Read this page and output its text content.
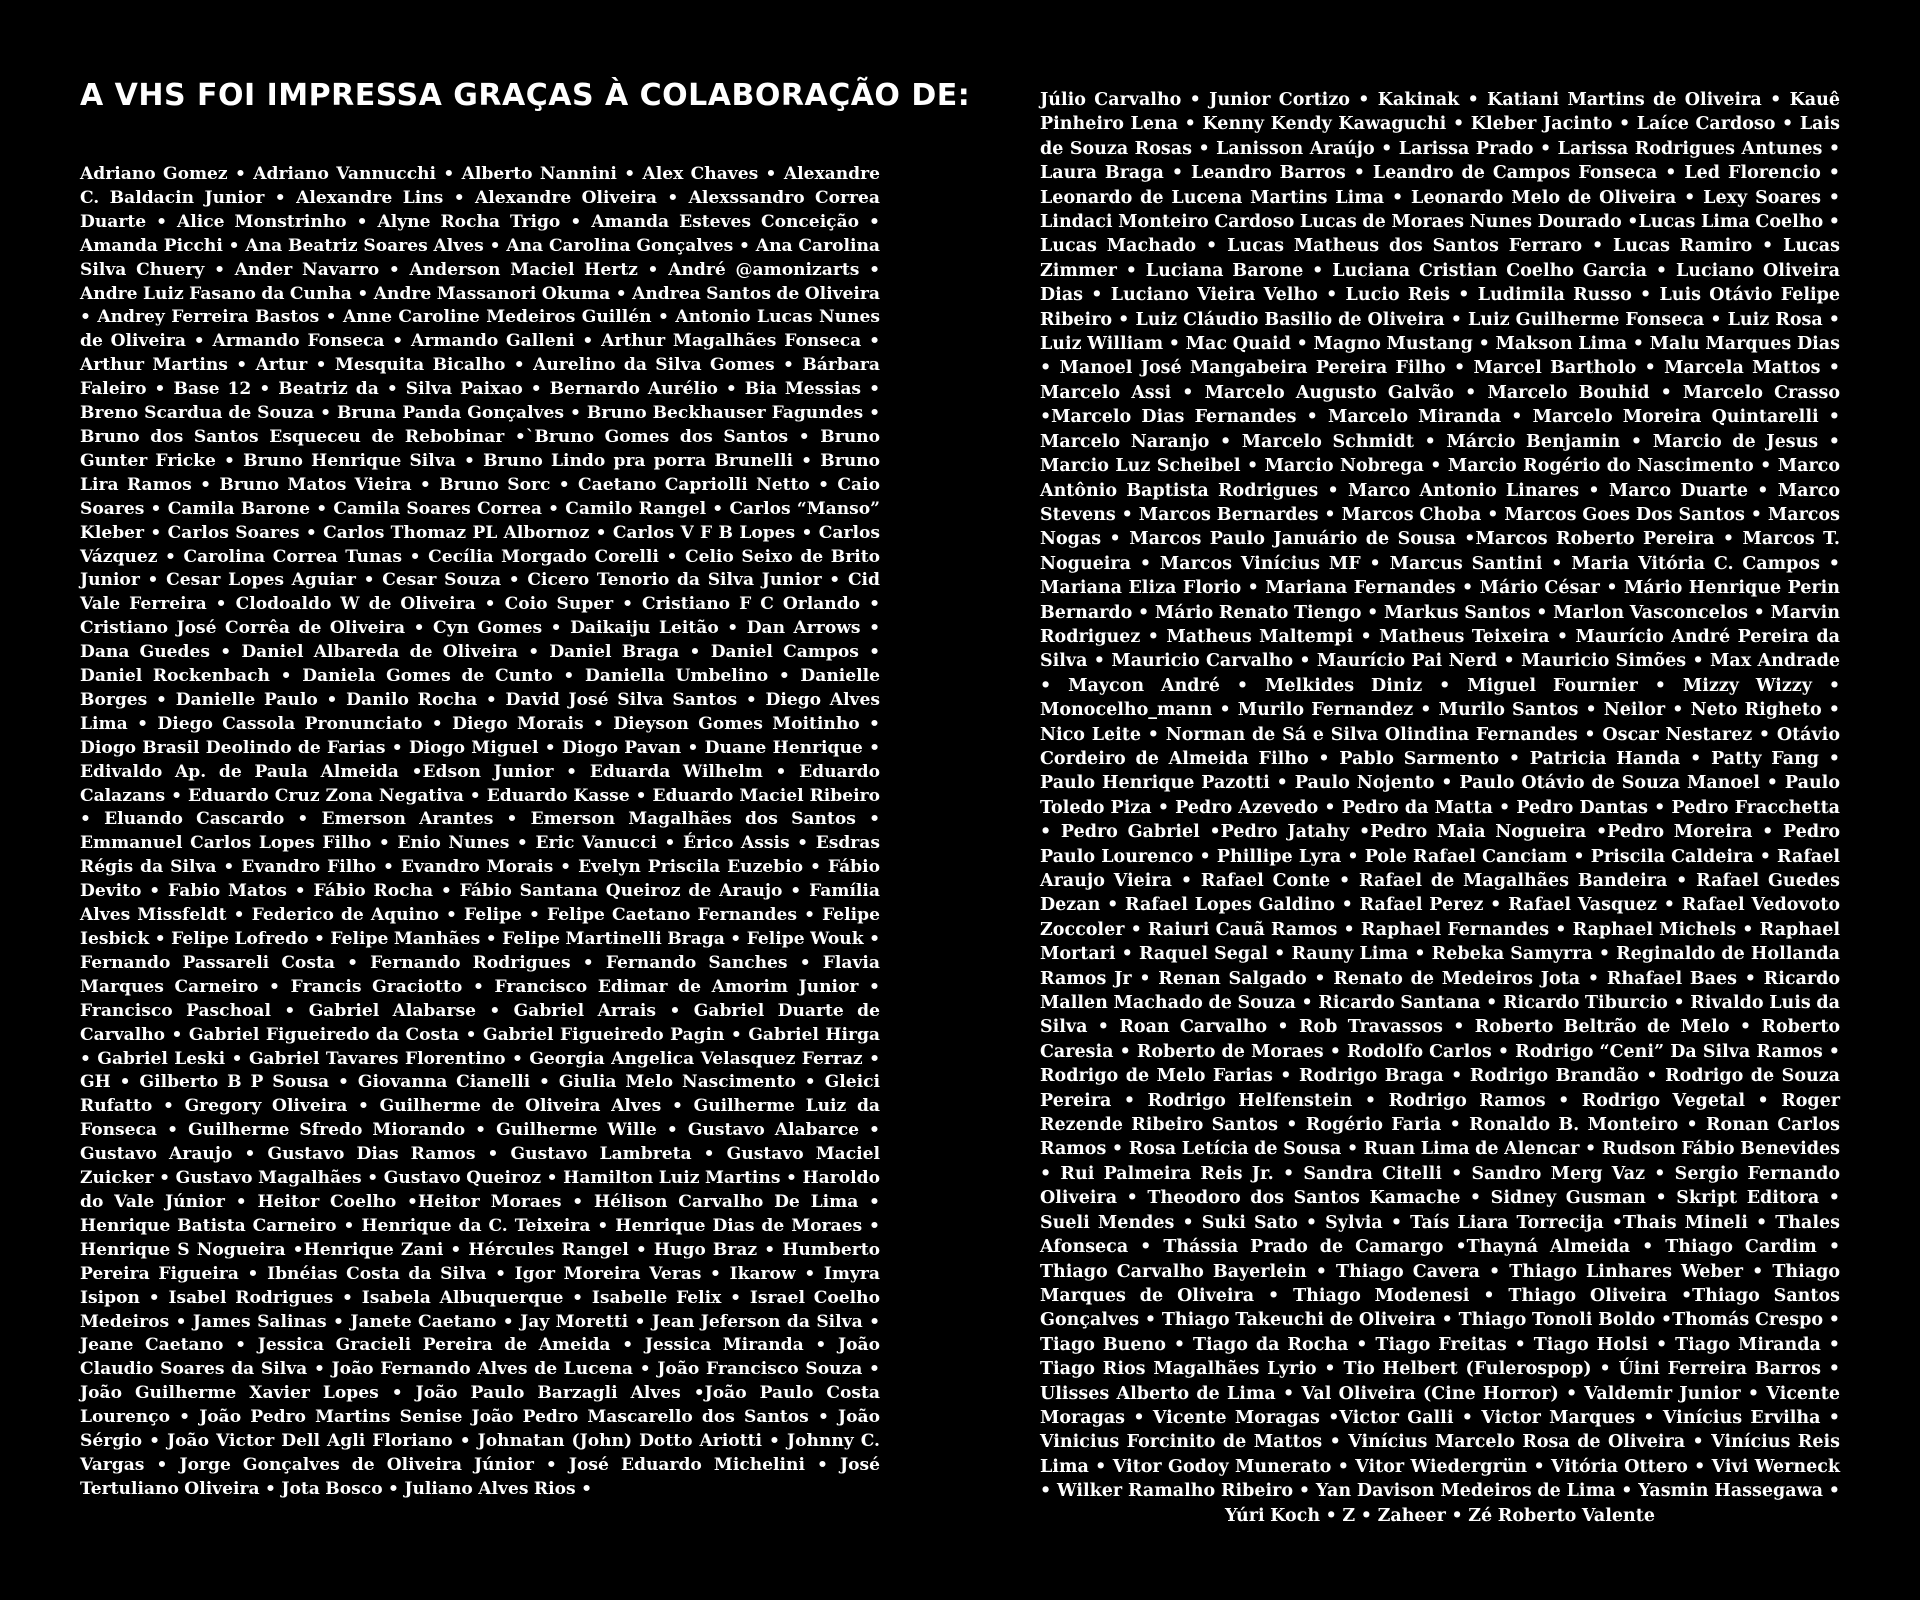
A VHS FOI IMPRESSA GRAÇAS À COLABORAÇÃO DE:

Adriano Gomez • Adriano Vannucchi • Alberto Nannini • Alex Chaves • Alexandre C. Baldacin Junior • Alexandre Lins • Alexandre Oliveira • Alexssandro Correa Duarte • Alice Monstrinho • Alyne Rocha Trigo • Amanda Esteves Conceição • Amanda Picchi • Ana Beatriz Soares Alves • Ana Carolina Gonçalves • Ana Carolina Silva Chuery • Ander Navarro • Anderson Maciel Hertz • André @amonizarts • Andre Luiz Fasano da Cunha • Andre Massanori Okuma • Andrea Santos de Oliveira • Andrey Ferreira Bastos • Anne Caroline Medeiros Guillén • Antonio Lucas Nunes de Oliveira • Armando Fonseca • Armando Galleni • Arthur Magalhães Fonseca • Arthur Martins • Artur • Mesquita Bicalho • Aurelino da Silva Gomes • Bárbara Faleiro • Base 12 • Beatriz da • Silva Paixao • Bernardo Aurélio • Bia Messias • Breno Scardua de Souza • Bruna Panda Gonçalves • Bruno Beckhauser Fagundes • Bruno dos Santos Esqueceu de Rebobinar •`Bruno Gomes dos Santos • Bruno Gunter Fricke • Bruno Henrique Silva • Bruno Lindo pra porra Brunelli • Bruno Lira Ramos • Bruno Matos Vieira • Bruno Sorc • Caetano Capriolli Netto • Caio Soares • Camila Barone • Camila Soares Correa • Camilo Rangel • Carlos “Manso” Kleber • Carlos Soares • Carlos Thomaz PL Albornoz • Carlos V F B Lopes • Carlos Vázquez • Carolina Correa Tunas • Cecília Morgado Corelli • Celio Seixo de Brito Junior • Cesar Lopes Aguiar • Cesar Souza • Cicero Tenorio da Silva Junior • Cid Vale Ferreira • Clodoaldo W de Oliveira • Coio Super • Cristiano F C Orlando • Cristiano José Corrêa de Oliveira • Cyn Gomes • Daikaiju Leitão • Dan Arrows • Dana Guedes • Daniel Albareda de Oliveira • Daniel Braga • Daniel Campos • Daniel Rockenbach • Daniela Gomes de Cunto • Daniella Umbelino • Danielle Borges • Danielle Paulo • Danilo Rocha • David José Silva Santos • Diego Alves Lima • Diego Cassola Pronunciato • Diego Morais • Dieyson Gomes Moitinho • Diogo Brasil Deolindo de Farias • Diogo Miguel • Diogo Pavan • Duane Henrique • Edivaldo Ap. de Paula Almeida •Edson Junior • Eduarda Wilhelm • Eduardo Calazans • Eduardo Cruz Zona Negativa • Eduardo Kasse • Eduardo Maciel Ribeiro • Eluando Cascardo • Emerson Arantes • Emerson Magalhães dos Santos • Emmanuel Carlos Lopes Filho • Enio Nunes • Eric Vanucci • Érico Assis • Esdras Régis da Silva • Evandro Filho • Evandro Morais • Evelyn Priscila Euzebio • Fábio Devito • Fabio Matos • Fábio Rocha • Fábio Santana Queiroz de Araujo • Família Alves Missfeldt • Federico de Aquino • Felipe • Felipe Caetano Fernandes • Felipe Iesbick • Felipe Lofredo • Felipe Manhães • Felipe Martinelli Braga • Felipe Wouk • Fernando Passareli Costa • Fernando Rodrigues • Fernando Sanches • Flavia Marques Carneiro • Francis Graciotto • Francisco Edimar de Amorim Junior • Francisco Paschoal • Gabriel Alabarse • Gabriel Arrais • Gabriel Duarte de Carvalho • Gabriel Figueiredo da Costa • Gabriel Figueiredo Pagin • Gabriel Hirga • Gabriel Leski • Gabriel Tavares Florentino • Georgia Angelica Velasquez Ferraz • GH • Gilberto B P Sousa • Giovanna Cianelli • Giulia Melo Nascimento • Gleici Rufatto • Gregory Oliveira • Guilherme de Oliveira Alves • Guilherme Luiz da Fonseca • Guilherme Sfredo Miorando • Guilherme Wille • Gustavo Alabarce • Gustavo Araujo • Gustavo Dias Ramos • Gustavo Lambreta • Gustavo Maciel Zuicker • Gustavo Magalhães • Gustavo Queiroz • Hamilton Luiz Martins • Haroldo do Vale Júnior • Heitor Coelho •Heitor Moraes • Hélison Carvalho De Lima • Henrique Batista Carneiro • Henrique da C. Teixeira • Henrique Dias de Moraes • Henrique S Nogueira •Henrique Zani • Hércules Rangel • Hugo Braz • Humberto Pereira Figueira • Ibnéias Costa da Silva • Igor Moreira Veras • Ikarow • Imyra Isipon • Isabel Rodrigues • Isabela Albuquerque • Isabelle Felix • Israel Coelho Medeiros • James Salinas • Janete Caetano • Jay Moretti • Jean Jeferson da Silva • Jeane Caetano • Jessica Gracieli Pereira de Ameida • Jessica Miranda • João Claudio Soares da Silva • João Fernando Alves de Lucena • João Francisco Souza • João Guilherme Xavier Lopes • João Paulo Barzagli Alves •João Paulo Costa Lourenço • João Pedro Martins Senise João Pedro Mascarello dos Santos • João Sérgio • João Victor Dell Agli Floriano • Johnatan (John) Dotto Ariotti • Johnny C. Vargas • Jorge Gonçalves de Oliveira Júnior • José Eduardo Michelini • José Tertuliano Oliveira • Jota Bosco • Juliano Alves Rios •

Júlio Carvalho • Junior Cortizo • Kakinak • Katiani Martins de Oliveira • Kauê Pinheiro Lena • Kenny Kendy Kawaguchi • Kleber Jacinto • Laíce Cardoso • Lais de Souza Rosas • Lanisson Araújo • Larissa Prado • Larissa Rodrigues Antunes • Laura Braga • Leandro Barros • Leandro de Campos Fonseca • Led Florencio • Leonardo de Lucena Martins Lima • Leonardo Melo de Oliveira • Lexy Soares • Lindaci Monteiro Cardoso Lucas de Moraes Nunes Dourado •Lucas Lima Coelho • Lucas Machado • Lucas Matheus dos Santos Ferraro • Lucas Ramiro • Lucas Zimmer • Luciana Barone • Luciana Cristian Coelho Garcia • Luciano Oliveira Dias • Luciano Vieira Velho • Lucio Reis • Ludimila Russo • Luis Otávio Felipe Ribeiro • Luiz Cláudio Basilio de Oliveira • Luiz Guilherme Fonseca • Luiz Rosa • Luiz William • Mac Quaid • Magno Mustang • Makson Lima • Malu Marques Dias • Manoel José Mangabeira Pereira Filho • Marcel Bartholo • Marcela Mattos • Marcelo Assi • Marcelo Augusto Galvão • Marcelo Bouhid • Marcelo Crasso •Marcelo Dias Fernandes • Marcelo Miranda • Marcelo Moreira Quintarelli • Marcelo Naranjo • Marcelo Schmidt • Márcio Benjamin • Marcio de Jesus • Marcio Luz Scheibel • Marcio Nobrega • Marcio Rogério do Nascimento • Marco Antônio Baptista Rodrigues • Marco Antonio Linares • Marco Duarte • Marco Stevens • Marcos Bernardes • Marcos Choba • Marcos Goes Dos Santos • Marcos Nogas • Marcos Paulo Januário de Sousa •Marcos Roberto Pereira • Marcos T. Nogueira • Marcos Vinícius MF • Marcus Santini • Maria Vitória C. Campos • Mariana Eliza Florio • Mariana Fernandes • Mário César • Mário Henrique Perin Bernardo • Mário Renato Tiengo • Markus Santos • Marlon Vasconcelos • Marvin Rodriguez • Matheus Maltempi • Matheus Teixeira • Maurício André Pereira da Silva • Mauricio Carvalho • Maurício Pai Nerd • Mauricio Simões • Max Andrade • Maycon André • Melkides Diniz • Miguel Fournier • Mizzy Wizzy • Monocelho_mann • Murilo Fernandez • Murilo Santos • Neilor • Neto Righeto • Nico Leite • Norman de Sá e Silva Olindina Fernandes • Oscar Nestarez • Otávio Cordeiro de Almeida Filho • Pablo Sarmento • Patricia Handa • Patty Fang • Paulo Henrique Pazotti • Paulo Nojento • Paulo Otávio de Souza Manoel • Paulo Toledo Piza • Pedro Azevedo • Pedro da Matta • Pedro Dantas • Pedro Fracchetta • Pedro Gabriel •Pedro Jatahy •Pedro Maia Nogueira •Pedro Moreira • Pedro Paulo Lourenco • Phillipe Lyra • Pole Rafael Canciam • Priscila Caldeira • Rafael Araujo Vieira • Rafael Conte • Rafael de Magalhães Bandeira • Rafael Guedes Dezan • Rafael Lopes Galdino • Rafael Perez • Rafael Vasquez • Rafael Vedovoto Zoccoler • Raiuri Cauã Ramos • Raphael Fernandes • Raphael Michels • Raphael Mortari • Raquel Segal • Rauny Lima • Rebeka Samyrra • Reginaldo de Hollanda Ramos Jr • Renan Salgado • Renato de Medeiros Jota • Rhafael Baes • Ricardo Mallen Machado de Souza • Ricardo Santana • Ricardo Tiburcio • Rivaldo Luis da Silva • Roan Carvalho • Rob Travassos • Roberto Beltrão de Melo • Roberto Caresia • Roberto de Moraes • Rodolfo Carlos • Rodrigo “Ceni” Da Silva Ramos • Rodrigo de Melo Farias • Rodrigo Braga • Rodrigo Brandão • Rodrigo de Souza Pereira • Rodrigo Helfenstein • Rodrigo Ramos • Rodrigo Vegetal • Roger Rezende Ribeiro Santos • Rogério Faria • Ronaldo B. Monteiro • Ronan Carlos Ramos • Rosa Letícia de Sousa • Ruan Lima de Alencar • Rudson Fábio Benevides • Rui Palmeira Reis Jr. • Sandra Citelli • Sandro Merg Vaz • Sergio Fernando Oliveira • Theodoro dos Santos Kamache • Sidney Gusman • Skript Editora • Sueli Mendes • Suki Sato • Sylvia • Taís Liara Torrecija •Thais Mineli • Thales Afonseca • Thássia Prado de Camargo •Thayná Almeida • Thiago Cardim • Thiago Carvalho Bayerlein • Thiago Cavera • Thiago Linhares Weber • Thiago Marques de Oliveira • Thiago Modenesi • Thiago Oliveira •Thiago Santos Gonçalves • Thiago Takeuchi de Oliveira • Thiago Tonoli Boldo •Thomás Crespo • Tiago Bueno • Tiago da Rocha • Tiago Freitas • Tiago Holsi • Tiago Miranda • Tiago Rios Magalhães Lyrio • Tio Helbert (Fulerospop) • Úini Ferreira Barros • Ulisses Alberto de Lima • Val Oliveira (Cine Horror) • Valdemir Junior • Vicente Moragas • Vicente Moragas •Victor Galli • Victor Marques • Vinícius Ervilha • Vinicius Forcinito de Mattos • Vinícius Marcelo Rosa de Oliveira • Vinícius Reis Lima • Vitor Godoy Munerato • Vitor Wiedergrün • Vitória Ottero • Vivi Werneck • Wilker Ramalho Ribeiro • Yan Davison Medeiros de Lima • Yasmin Hassegawa • Yúri Koch • Z • Zaheer • Zé Roberto Valente
